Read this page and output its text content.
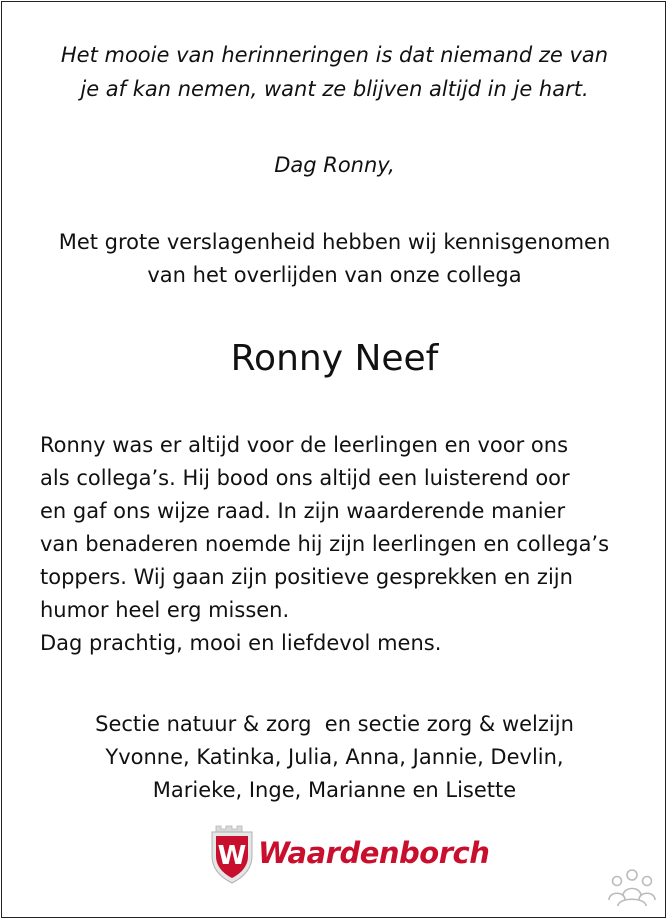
Het mooie van herinneringen is dat niemand ze van
je af kan nemen, want ze blijven altijd in je hart.
Dag Ronny,
Met grote verslagenheid hebben wij kennisgenomen
van het overlijden van onze collega
Ronny Neef
Ronny was er altijd voor de leerlingen en voor ons
als collega’s. Hij bood ons altijd een luisterend oor
en gaf ons wijze raad. In zijn waarderende manier
van benaderen noemde hij zijn leerlingen en collega’s
toppers. Wij gaan zijn positieve gesprekken en zijn
humor heel erg missen.
Dag prachtig, mooi en liefdevol mens.
Sectie natuur & zorg  en sectie zorg & welzijn
Yvonne, Katinka, Julia, Anna, Jannie, Devlin,
Marieke, Inge, Marianne en Lisette
W Waardenborch
